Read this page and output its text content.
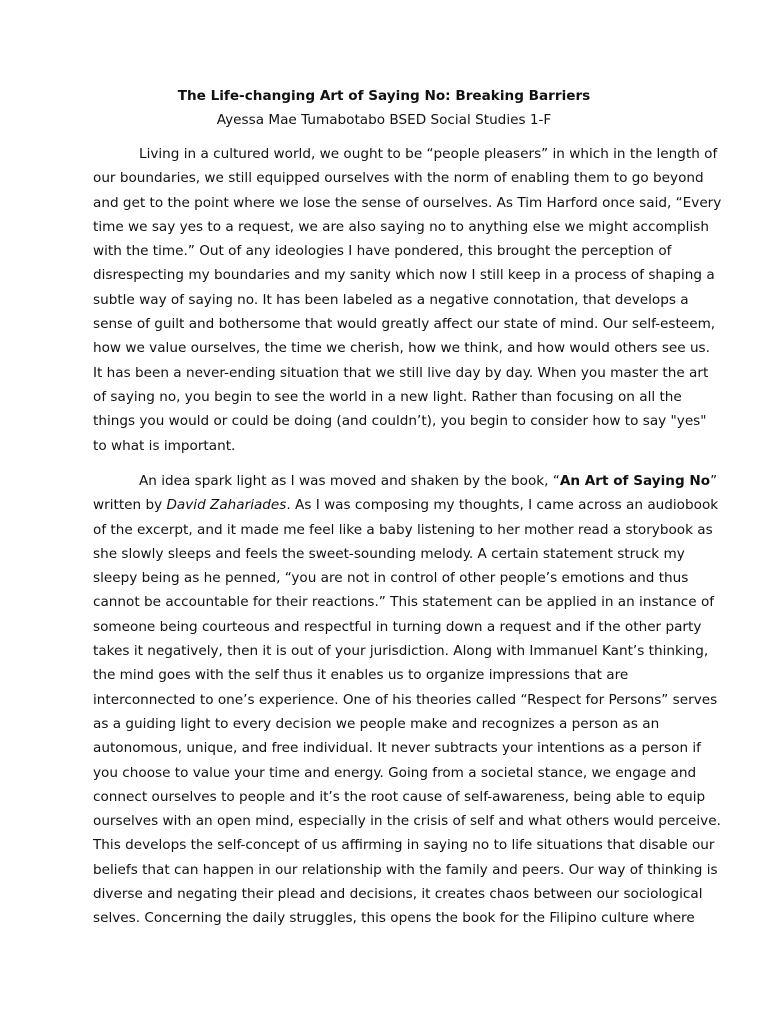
The Life-changing Art of Saying No: Breaking Barriers

Ayessa Mae Tumabotabo BSED Social Studies 1-F

Living in a cultured world, we ought to be “people pleasers” in which in the length of
our boundaries, we still equipped ourselves with the norm of enabling them to go beyond
and get to the point where we lose the sense of ourselves. As Tim Harford once said, “Every
time we say yes to a request, we are also saying no to anything else we might accomplish
with the time.” Out of any ideologies I have pondered, this brought the perception of
disrespecting my boundaries and my sanity which now I still keep in a process of shaping a
subtle way of saying no. It has been labeled as a negative connotation, that develops a
sense of guilt and bothersome that would greatly affect our state of mind. Our self-esteem,
how we value ourselves, the time we cherish, how we think, and how would others see us.
It has been a never-ending situation that we still live day by day. When you master the art
of saying no, you begin to see the world in a new light. Rather than focusing on all the
things you would or could be doing (and couldn’t), you begin to consider how to say "yes"
to what is important.

An idea spark light as I was moved and shaken by the book, “An Art of Saying No”
written by David Zahariades. As I was composing my thoughts, I came across an audiobook
of the excerpt, and it made me feel like a baby listening to her mother read a storybook as
she slowly sleeps and feels the sweet-sounding melody. A certain statement struck my
sleepy being as he penned, “you are not in control of other people’s emotions and thus
cannot be accountable for their reactions.” This statement can be applied in an instance of
someone being courteous and respectful in turning down a request and if the other party
takes it negatively, then it is out of your jurisdiction. Along with Immanuel Kant’s thinking,
the mind goes with the self thus it enables us to organize impressions that are
interconnected to one’s experience. One of his theories called “Respect for Persons” serves
as a guiding light to every decision we people make and recognizes a person as an
autonomous, unique, and free individual. It never subtracts your intentions as a person if
you choose to value your time and energy. Going from a societal stance, we engage and
connect ourselves to people and it’s the root cause of self-awareness, being able to equip
ourselves with an open mind, especially in the crisis of self and what others would perceive.
This develops the self-concept of us affirming in saying no to life situations that disable our
beliefs that can happen in our relationship with the family and peers. Our way of thinking is
diverse and negating their plead and decisions, it creates chaos between our sociological
selves. Concerning the daily struggles, this opens the book for the Filipino culture where
